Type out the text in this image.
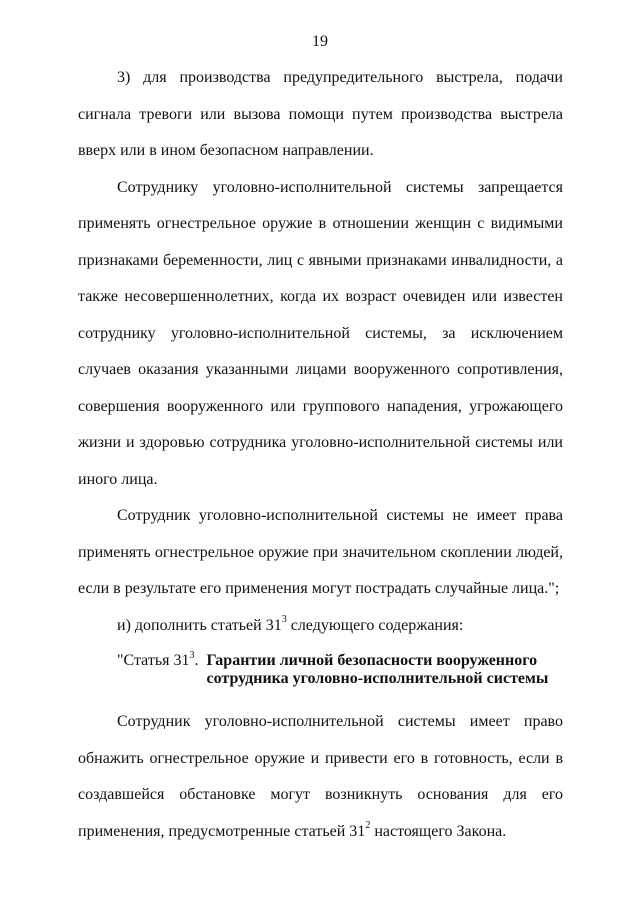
19

3) для производства предупредительного выстрела, подачи сигнала тревоги или вызова помощи путем производства выстрела вверх или в ином безопасном направлении.

Сотруднику уголовно-исполнительной системы запрещается применять огнестрельное оружие в отношении женщин с видимыми признаками беременности, лиц с явными признаками инвалидности, а также несовершеннолетних, когда их возраст очевиден или известен сотруднику уголовно-исполнительной системы, за исключением случаев оказания указанными лицами вооруженного сопротивления, совершения вооруженного или группового нападения, угрожающего жизни и здоровью сотрудника уголовно-исполнительной системы или иного лица.

Сотрудник уголовно-исполнительной системы не имеет права применять огнестрельное оружие при значительном скоплении людей, если в результате его применения могут пострадать случайные лица.";

и) дополнить статьей $31^3$ следующего содержания:

"Статья $31^3$. Гарантии личной безопасности вооруженного сотрудника уголовно-исполнительной системы

Сотрудник уголовно-исполнительной системы имеет право обнажить огнестрельное оружие и привести его в готовность, если в создавшейся обстановке могут возникнуть основания для его применения, предусмотренные статьей $31^2$ настоящего Закона.
